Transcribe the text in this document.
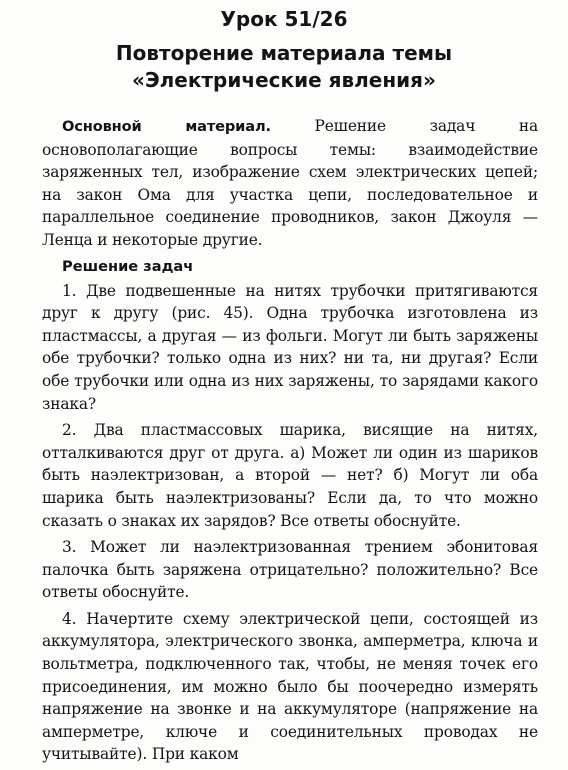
Урок 51/26
Повторение материала темы
«Электрические явления»

Основной материал. Решение задач на основополагающие вопросы темы: взаимодействие заряженных тел, изображение схем электрических цепей; на закон Ома для участка цепи, последовательное и параллельное соединение проводников, закон Джоуля — Ленца и некоторые другие.

Решение задач

1. Две подвешенные на нитях трубочки притягиваются друг к другу (рис. 45). Одна трубочка изготовлена из пластмассы, а другая — из фольги. Могут ли быть заряжены обе трубочки? только одна из них? ни та, ни другая? Если обе трубочки или одна из них заряжены, то зарядами какого знака?

2. Два пластмассовых шарика, висящие на нитях, отталкиваются друг от друга. а) Может ли один из шариков быть наэлектризован, а второй — нет? б) Могут ли оба шарика быть наэлектризованы? Если да, то что можно сказать о знаках их зарядов? Все ответы обоснуйте.

3. Может ли наэлектризованная трением эбонитовая палочка быть заряжена отрицательно? положительно? Все ответы обоснуйте.

4. Начертите схему электрической цепи, состоящей из аккумулятора, электрического звонка, амперметра, ключа и вольтметра, подключенного так, чтобы, не меняя точек его присоединения, им можно было бы поочередно измерять напряжение на звонке и на аккумуляторе (напряжение на амперметре, ключе и соединительных проводах не учитывайте). При каком
